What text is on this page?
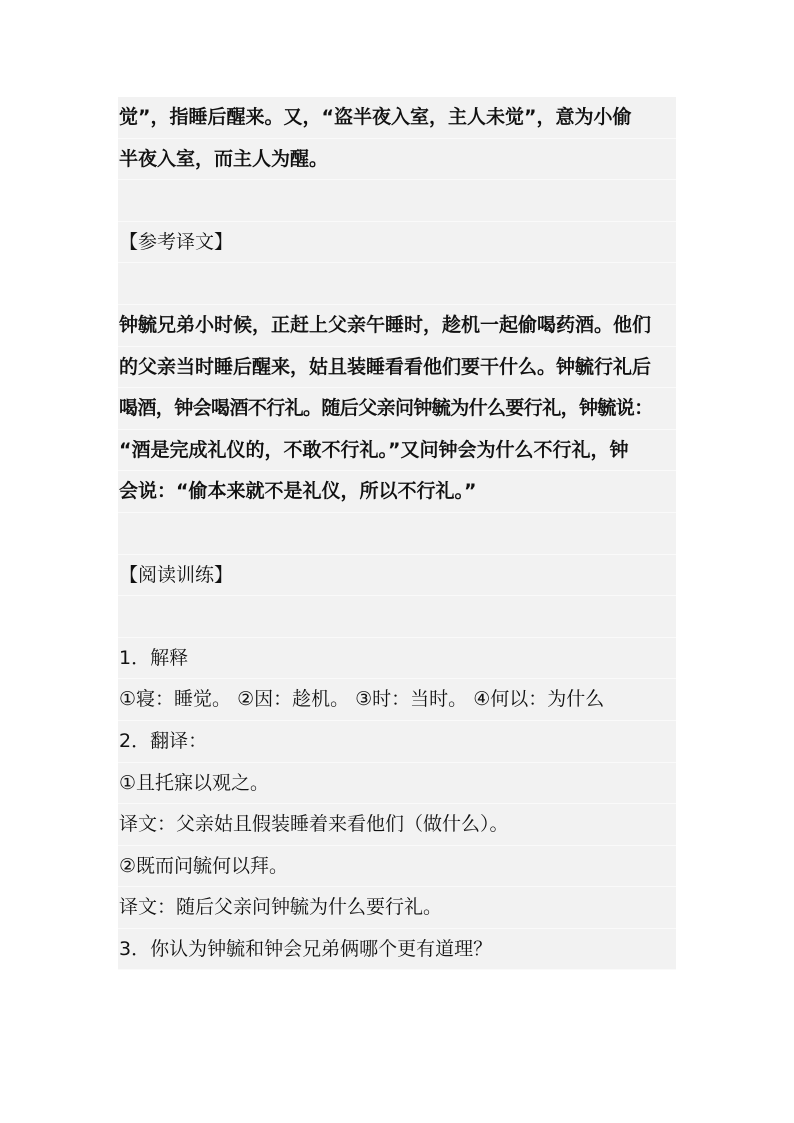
觉”，指睡后醒来。又，“盗半夜入室，主人未觉”，意为小偷
半夜入室，而主人为醒。
【参考译文】
钟毓兄弟小时候，正赶上父亲午睡时，趁机一起偷喝药酒。他们
的父亲当时睡后醒来，姑且装睡看看他们要干什么。钟毓行礼后
喝酒，钟会喝酒不行礼。随后父亲问钟毓为什么要行礼，钟毓说：
“酒是完成礼仪的，不敢不行礼。”又问钟会为什么不行礼，钟
会说：“偷本来就不是礼仪，所以不行礼。”
【阅读训练】
1．解释
①寝：睡觉。 ②因：趁机。 ③时：当时。 ④何以：为什么
2．翻译：
①且托寐以观之。
译文：父亲姑且假装睡着来看他们（做什么）。
②既而问毓何以拜。
译文：随后父亲问钟毓为什么要行礼。
3．你认为钟毓和钟会兄弟俩哪个更有道理？
